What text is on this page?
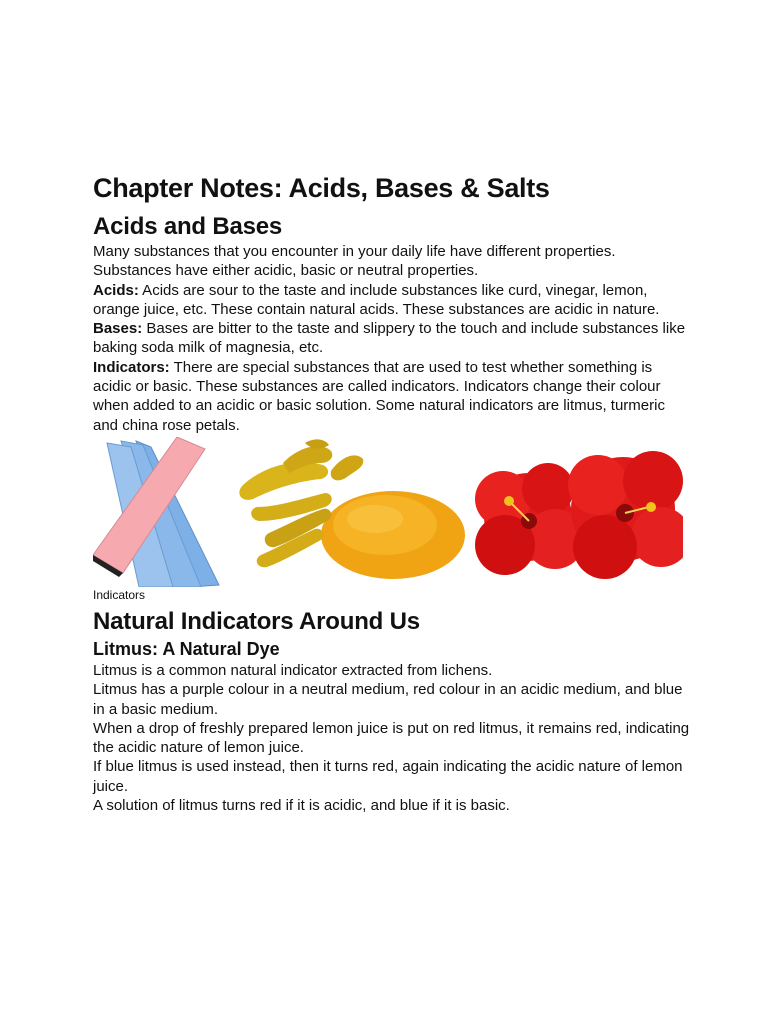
Chapter Notes: Acids, Bases & Salts
Acids and Bases

Many substances that you encounter in your daily life have different properties. Substances have either acidic, basic or neutral properties.

Acids: Acids are sour to the taste and include substances like curd, vinegar, lemon, orange juice, etc. These contain natural acids. These substances are acidic in nature.

Bases: Bases are bitter to the taste and slippery to the touch and include substances like baking soda milk of magnesia, etc.

Indicators: There are special substances that are used to test whether something is acidic or basic. These substances are called indicators. Indicators change their colour when added to an acidic or basic solution. Some natural indicators are litmus, turmeric and china rose petals.

Indicators
Natural Indicators Around Us
Litmus: A Natural Dye

Litmus is a common natural indicator extracted from lichens.

Litmus has a purple colour in a neutral medium, red colour in an acidic medium, and blue in a basic medium.

When a drop of freshly prepared lemon juice is put on red litmus, it remains red, indicating the acidic nature of lemon juice.

If blue litmus is used instead, then it turns red, again indicating the acidic nature of lemon juice.

A solution of litmus turns red if it is acidic, and blue if it is basic.
